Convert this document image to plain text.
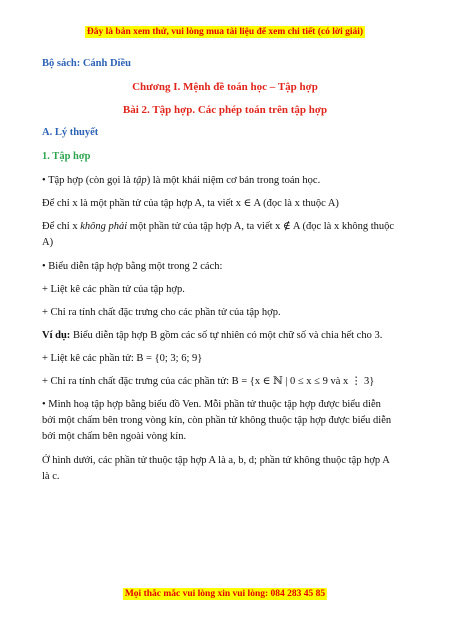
Đây là bản xem thử, vui lòng mua tài liệu để xem chi tiết (có lời giải)
Bộ sách: Cánh Diều
Chương I. Mệnh đề toán học – Tập hợp
Bài 2. Tập hợp. Các phép toán trên tập hợp
A. Lý thuyết
1. Tập hợp
• Tập hợp (còn gọi là tập) là một khái niệm cơ bản trong toán học.
Để chỉ x là một phần tử của tập hợp A, ta viết x ∈ A (đọc là x thuộc A)
Để chỉ x không phải một phần tử của tập hợp A, ta viết x ∉ A (đọc là x không thuộc
A)
• Biểu diễn tập hợp bằng một trong 2 cách:
+ Liệt kê các phần tử của tập hợp.
+ Chỉ ra tính chất đặc trưng cho các phần tử của tập hợp.
Ví dụ: Biểu diễn tập hợp B gồm các số tự nhiên có một chữ số và chia hết cho 3.
+ Liệt kê các phần tử: B = {0; 3; 6; 9}
+ Chỉ ra tính chất đặc trưng của các phần tử: B = {x ∈ ℕ | 0 ≤ x ≤ 9 và x ⋮ 3}
• Minh hoạ tập hợp bằng biểu đồ Ven. Mỗi phần tử thuộc tập hợp được biểu diễn
bởi một chấm bên trong vòng kín, còn phần tử không thuộc tập hợp được biểu diễn
bởi một chấm bên ngoài vòng kín.
Ở hình dưới, các phần tử thuộc tập hợp A là a, b, d; phần tử không thuộc tập hợp A
là c.
Mọi thắc mắc vui lòng xin vui lòng: 084 283 45 85
